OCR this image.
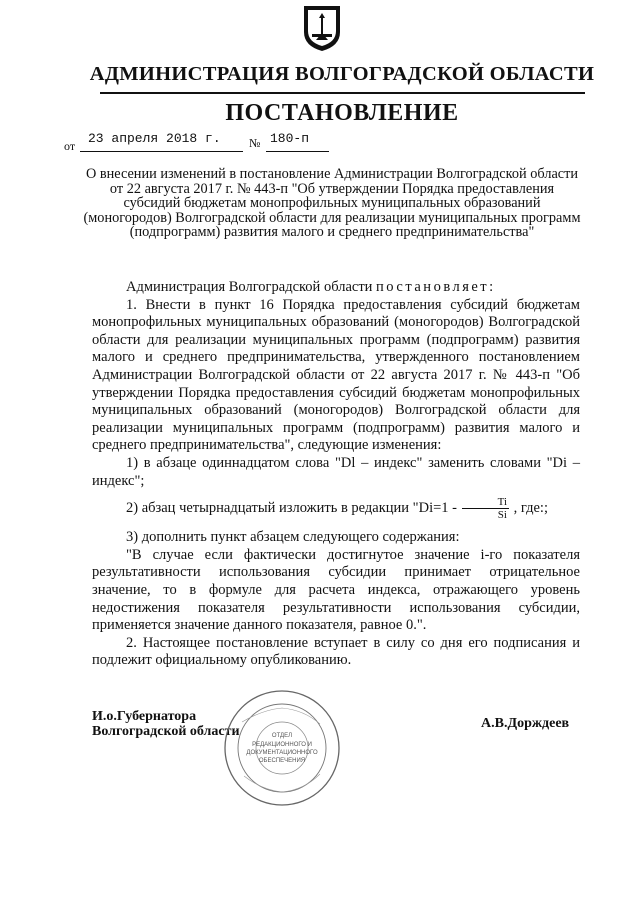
АДМИНИСТРАЦИЯ ВОЛГОГРАДСКОЙ ОБЛАСТИ
ПОСТАНОВЛЕНИЕ
от 23 апреля 2018 г. № 180-п
О внесении изменений в постановление Администрации Волгоградской области от 22 августа 2017 г. № 443-п "Об утверждении Порядка предоставления субсидий бюджетам монопрофильных муниципальных образований (моногородов) Волгоградской области для реализации муниципальных программ (подпрограмм) развития малого и среднего предпринимательства"

Администрация Волгоградской области постановляет:

1. Внести в пункт 16 Порядка предоставления субсидий бюджетам монопрофильных муниципальных образований (моногородов) Волгоградской области для реализации муниципальных программ (подпрограмм) развития малого и среднего предпринимательства, утвержденного постановлением Администрации Волгоградской области от 22 августа 2017 г. № 443-п "Об утверждении Порядка предоставления субсидий бюджетам монопрофильных муниципальных образований (моногородов) Волгоградской области для реализации муниципальных программ (подпрограмм) развития малого и среднего предпринимательства", следующие изменения:

1) в абзаце одиннадцатом слова "Dl – индекс" заменить словами "Di – индекс";

2) абзац четырнадцатый изложить в редакции "$Di=1 - \frac{Ti}{Si}$ , где:;

3) дополнить пункт абзацем следующего содержания:

"В случае если фактически достигнутое значение i-го показателя результативности использования субсидии принимает отрицательное значение, то в формуле для расчета индекса, отражающего уровень недостижения показателя результативности использования субсидии, применяется значение данного показателя, равное 0.".

2. Настоящее постановление вступает в силу со дня его подписания и подлежит официальному опубликованию.

И.о.Губернатора
Волгоградской области
А.В.Дорждеев
ОТДЕЛ
РЕДАКЦИОННОГО И
ДОКУМЕНТАЦИОННОГО
ОБЕСПЕЧЕНИЯ
